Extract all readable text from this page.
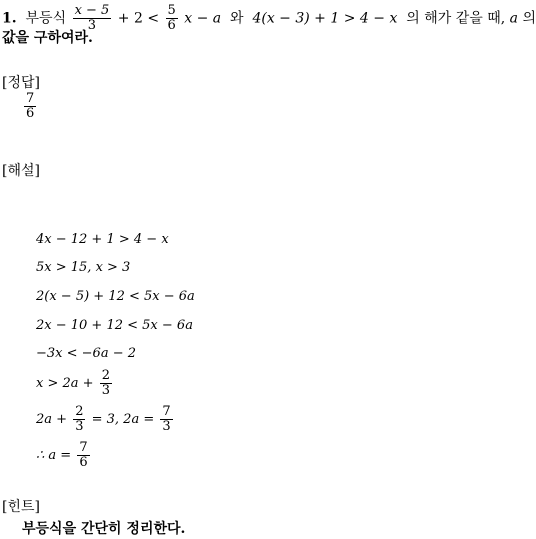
1. 부등식 $\frac{x - 5}{3} + 2 < \frac{5}{6}$ x − a 와 4(x − 3) + 1 > 4 − x 의 해가 같을 때, a 의
값을 구하여라.
[정답]
$\frac{7}{6}$
[해설]
4x − 12 + 1 > 4 − x
5x > 15, x > 3
2(x − 5) + 12 < 5x − 6a
2x − 10 + 12 < 5x − 6a
−3x < −6a − 2
$x > 2a + \frac{2}{3}$
$2a + \frac{2}{3} = 3$, $2a = \frac{7}{3}$
∴ $a = \frac{7}{6}$
[힌트]
부등식을 간단히 정리한다.
